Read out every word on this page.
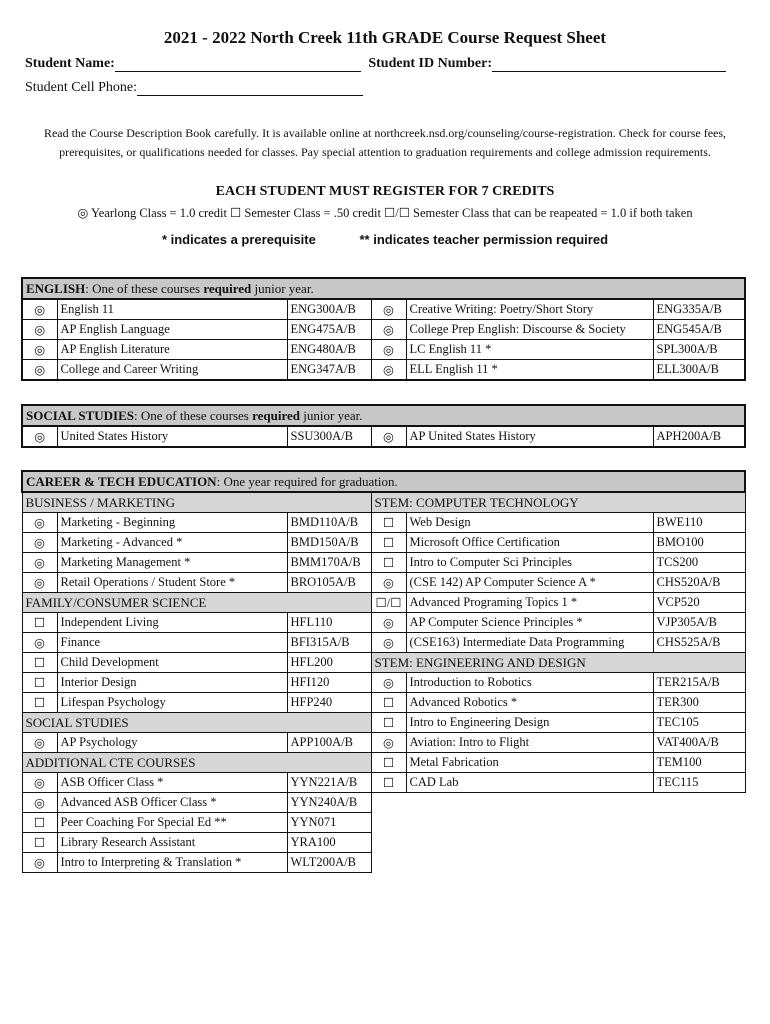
2021 - 2022 North Creek 11th GRADE Course Request Sheet
Student Name:	Student ID Number:
Student Cell Phone:
Read the Course Description Book carefully. It is available online at northcreek.nsd.org/counseling/course-registration. Check for course fees, prerequisites, or qualifications needed for classes. Pay special attention to graduation requirements and college admission requirements.
EACH STUDENT MUST REGISTER FOR 7 CREDITS
◎ Yearlong Class = 1.0 credit ☐ Semester Class = .50 credit ☐/☐ Semester Class that can be reapeated = 1.0 if both taken
* indicates a prerequisite	** indicates teacher permission required
ENGLISH: One of these courses required junior year.					
◎	English 11	ENG300A/B	◎	Creative Writing: Poetry/Short Story	ENG335A/B
◎	AP English Language	ENG475A/B	◎	College Prep English: Discourse & Society	ENG545A/B
◎	AP English Literature	ENG480A/B	◎	LC English 11 *	SPL300A/B
◎	College and Career Writing	ENG347A/B	◎	ELL English 11 *	ELL300A/B
SOCIAL STUDIES: One of these courses required junior year.
◎	United States History	SSU300A/B	◎	AP United States History	APH200A/B
CAREER & TECH EDUCATION: One year required for graduation.					
BUSINESS / MARKETING			STEM: COMPUTER TECHNOLOGY		
◎	Marketing - Beginning	BMD110A/B	☐	Web Design	BWE110
◎	Marketing - Advanced *	BMD150A/B	☐	Microsoft Office Certification	BMO100
◎	Marketing Management *	BMM170A/B	☐	Intro to Computer Sci Principles	TCS200
◎	Retail Operations / Student Store *	BRO105A/B	◎	(CSE 142) AP Computer Science A *	CHS520A/B
FAMILY/CONSUMER SCIENCE			☐/☐	Advanced Programing Topics 1 *	VCP520
☐	Independent Living	HFL110	◎	AP Computer Science Principles *	VJP305A/B
◎	Finance	BFI315A/B	◎	(CSE163) Intermediate Data Programming	CHS525A/B
☐	Child Development	HFL200	STEM: ENGINEERING AND DESIGN		
☐	Interior Design	HFI120	◎	Introduction to Robotics	TER215A/B
☐	Lifespan Psychology	HFP240	☐	Advanced Robotics *	TER300
SOCIAL STUDIES			☐	Intro to Engineering Design	TEC105
◎	AP Psychology	APP100A/B	◎	Aviation: Intro to Flight	VAT400A/B
ADDITIONAL CTE COURSES			☐	Metal Fabrication	TEM100
◎	ASB Officer Class *	YYN221A/B	☐	CAD Lab	TEC115
◎	Advanced ASB Officer Class *	YYN240A/B			
☐	Peer Coaching For Special Ed **	YYN071			
☐	Library Research Assistant	YRA100			
◎	Intro to Interpreting & Translation *	WLT200A/B			
